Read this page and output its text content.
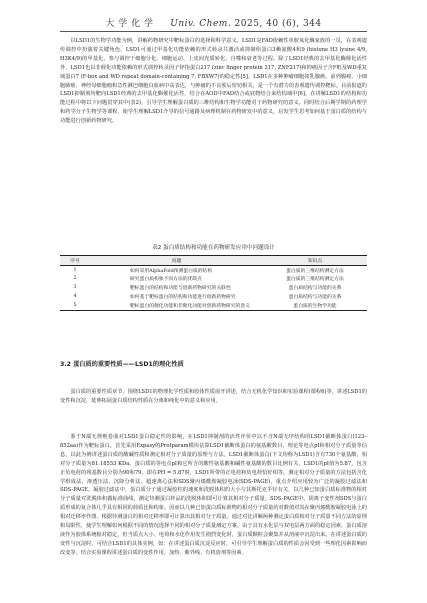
大 学 化 学 Univ. Chem. 2025, 40 (6), 344

以LSD1的生物学功能为例，讲解药物研究中靶标蛋白的选择和科学意义。LSD1是FAD依赖性单胺氧化酶家族的一员，在表观遗传调控中扮演着关键角色。LSD1可通过甲基化功能依赖的形式转录共激活或抑制组蛋白3赖氨酸4和9 (histone H3 lysine 4/9, H3K4/9)的甲基化，参与调控干细胞分化、细胞运动、上皮间充质转化、自噬和衰老等过程。除了LSD1经典的去甲基化酶催化活性外，LSD1也以非催化功能依赖的形式调控转录因子锌指蛋白217 (zinc finger protein 217, ZNF217)和抑癌因子含F框及WD重复域蛋白7 (F-box and WD repeat domain-containing 7, FBXW7)的稳定性[5]。LSD1在多种肿瘤细胞如乳腺癌、前列腺癌、小细胞肺癌、神经母细胞瘤和急性淋巴细胞白血病中高表达，与肿瘤的不良预后密切相关，是一个有潜力的表观遗传调控靶标。目前报道的LSD1抑制剂均靶向LSD1经典的去甲基化酶催化活性，结合在AOD中FAD结合或底物结合来结构域中[6]。在讲解LSD1的结构和功能过程中将以下问题贯穿其中(表2)，引导学生理解蛋白质的三维结构和生物学功能对于药物研究的意义。同时结合后期学期的药理学和药学分子生物学等课程，使学生理解LSD1介导的信号通路及病理机制在药物研发中的意义，启发学生思考如何基于蛋白质的结构与功能进行创新药物研究。

表2 蛋白质结构和功能在药物研发应用中问题设计
序号	问题	知识点
1	如何采用AlphaFold预测蛋白质的结构	蛋白质的三维结构测定方法
2	研究蛋白质构象不同方法的优缺点	蛋白质的三维结构测定方法
3	靶标蛋白的结构和功能与创新药物研究的关联性	蛋白质结构与功能的关系
4	如何基于靶标蛋白的结构和功能进行创新药物研究	蛋白质结构与功能的关系
5	靶标蛋白的催化功能和非催化功能对创新药物研究的意义	蛋白质的生物学功能
3.2 蛋白质的重要性质——LSD1的理化性质

蛋白质的重要性质章节，围绕LSD1的物理化学性质和胶体性质展开讲述，结合无机化学知识和实验课程(课程6)等，讲述LSD1的变性和沉淀，延伸拓展蛋白质结构性质在分离和纯化中的意义和应用。

鉴于N端无规则卷曲对LSD1蛋白稳定性的影响，在LSD1抑制剂的活性评价中以不含N端无序结构的LSD1截断体蛋白(123–852aa)作为靶标蛋白。首先采用Expasy的Protparam模块估算LSD1截断体蛋白的氨基酸数目、理论等电点pI和相对分子质量等信息，以此为例讲述蛋白质的酸碱性质和测定相对分子质量的原理与方法。LSD1截断体蛋白(下文均称为LSD1)含有730个氨基酸，相对分子质量为81.18553 KDa。蛋白质的等电点pI和它所含的酸性氨基酸和碱性氨基酸的数目比例有关，LSD1的pI值为5.87，包含正负电荷的残基数目分别为90和79，即在PH = 5.87时，LSD1所带的正电荷和负电荷恰好相等。测定相对分子质量的方法包括含化学组成法、渗透压法、沉降分析法、超速离心法和SDS聚丙烯酰胺凝胶电泳(SDS-PAGE)，重点介绍应用较为广泛的凝胶过滤法和SDS-PAGE。凝胶过滤法中，蛋白质分子通过凝胶柱的速度和洗脱体积的大小与其斯托克半径有关，以几种已知蛋白质标准物的相对分子质量对洗脱体积做标准曲线，测定待测蛋白样品的洗脱体积即可计算其相对分子质量。SDS-PAGE中，阴离子变性剂SDS与蛋白质形成的复合体几乎具有相同的荷质比和构象，因而以几种已知蛋白质标准物的相对分子质量的对数值对其在聚丙烯酰胺凝胶电泳上的相对迁移率作图，根据待测蛋白的相对迁移率即可计算出其相对分子质量。通过对比讲解两种测定蛋白质相对分子质量不同方法的原理和局限性，使学生理解如何根据不同的情况选择不同的相对分子质量测定方案。由于具有水化层与双电层两方面的稳定因素，蛋白质溶液作为胶体系统相对稳定，但当质点大小、电荷和水化作用发生剧烈变化时，蛋白质颗粒会聚集并从溶液中沉淀出来。在讲述蛋白质的变性与沉淀时，可结合LSD1的具体实例，如：在讲述蛋白质沉淀反应时，可引导学生理解蛋白质的性质会因受到一些理化因素影响而改变等，结合实验课程讲述蛋白质的变性作用，加热、紫外线、有机溶剂等因素。
